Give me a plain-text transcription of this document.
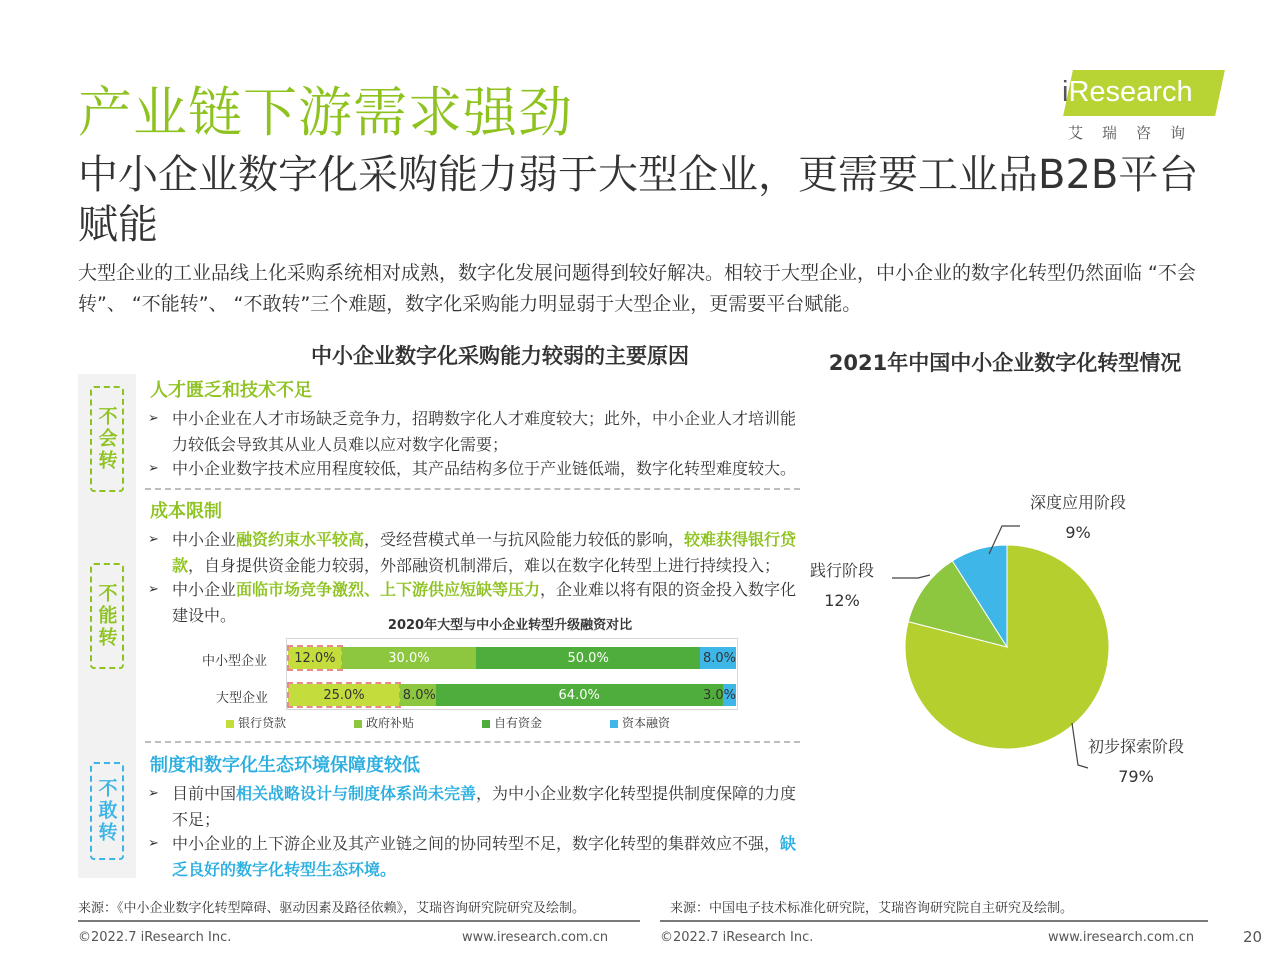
产业链下游需求强劲	iResearch
艾瑞咨询
中小企业数字化采购能力弱于大型企业，更需要工业品B2B平台赋能
大型企业的工业品线上化采购系统相对成熟，数字化发展问题得到较好解决。相较于大型企业，中小企业的数字化转型仍然面临 “不会转”、 “不能转”、 “不敢转”三个难题，数字化采购能力明显弱于大型企业，更需要平台赋能。
中小企业数字化采购能力较弱的主要原因	2021年中国中小企业数字化转型情况
不会转
不能转
不敢转
人才匮乏和技术不足
➢ 中小企业在人才市场缺乏竞争力，招聘数字化人才难度较大；此外，中小企业人才培训能力较低会导致其从业人员难以应对数字化需要；
➢ 中小企业数字技术应用程度较低，其产品结构多位于产业链低端，数字化转型难度较大。
成本限制
➢ 中小企业融资约束水平较高，受经营模式单一与抗风险能力较低的影响，较难获得银行贷款，自身提供资金能力较弱，外部融资机制滞后，难以在数字化转型上进行持续投入；
➢ 中小企业面临市场竞争激烈、上下游供应短缺等压力，企业难以将有限的资金投入数字化建设中。
2020年大型与中小企业转型升级融资对比
中小型企业
大型企业
12.0%	30.0%	50.0%	8.0%
25.0%	8.0%	64.0%	3.0%
银行贷款	政府补贴	自有资金	资本融资
制度和数字化生态环境保障度较低
➢ 目前中国相关战略设计与制度体系尚未完善，为中小企业数字化转型提供制度保障的力度不足；
➢ 中小企业的上下游企业及其产业链之间的协同转型不足，数字化转型的集群效应不强，缺乏良好的数字化转型生态环境。
深度应用阶段
9%
践行阶段
12%
初步探索阶段
79%
来源：《中小企业数字化转型障碍、驱动因素及路径依赖》，艾瑞咨询研究院研究及绘制。	来源：中国电子技术标准化研究院，艾瑞咨询研究院自主研究及绘制。
©2022.7 iResearch Inc.	www.iresearch.com.cn	©2022.7 iResearch Inc.	www.iresearch.com.cn	20
